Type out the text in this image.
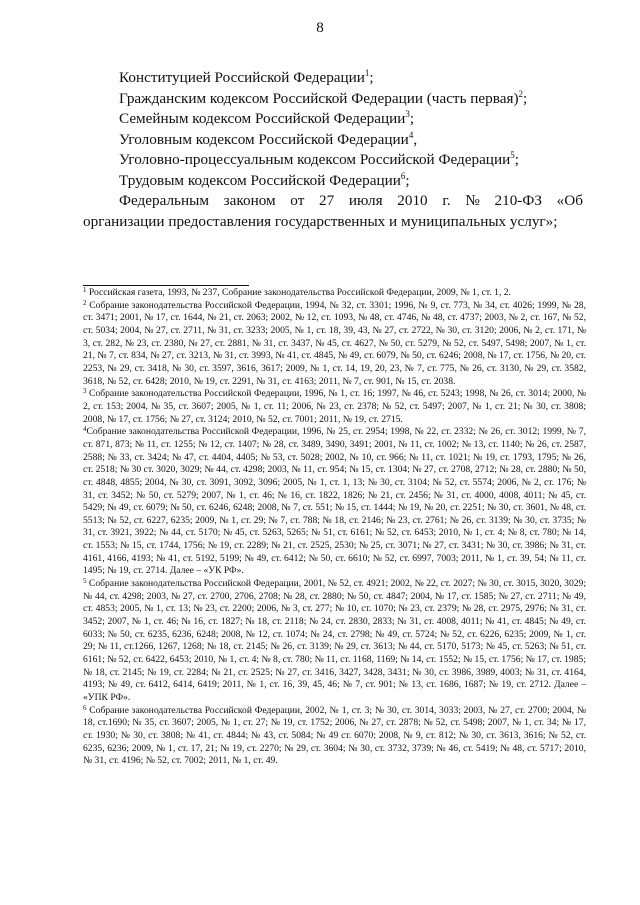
8
Конституцией Российской Федерации$^1$;
Гражданским кодексом Российской Федерации (часть первая)$^2$;
Семейным кодексом Российской Федерации$^3$;
Уголовным кодексом Российской Федерации$^4$,
Уголовно-процессуальным кодексом Российской Федерации$^5$;
Трудовым кодексом Российской Федерации$^6$;
Федеральным законом от 27 июля 2010 г. № 210-ФЗ «Об
организации предоставления государственных и муниципальных услуг»;

$^1$ Российская газета, 1993, № 237, Собрание законодательства Российской Федерации, 2009, № 1, ст. 1, 2.

$^2$ Собрание законодательства Российской Федерации, 1994, № 32, ст. 3301; 1996, № 9, ст. 773, № 34, ст. 4026; 1999, № 28, ст. 3471; 2001, № 17, ст. 1644, № 21, ст. 2063; 2002, № 12, ст. 1093, № 48, ст. 4746, № 48, ст. 4737; 2003, № 2, ст. 167, № 52, ст. 5034; 2004, № 27, ст. 2711, № 31, ст. 3233; 2005, № 1, ст. 18, 39, 43, № 27, ст. 2722, № 30, ст. 3120; 2006, № 2, ст. 171, № 3, ст. 282, № 23, ст. 2380, № 27, ст. 2881, № 31, ст. 3437, № 45, ст. 4627, № 50, ст. 5279, № 52, ст. 5497, 5498; 2007, № 1, ст. 21, № 7, ст. 834, № 27, ст. 3213, № 31, ст. 3993, № 41, ст. 4845, № 49, ст. 6079, № 50, ст. 6246; 2008, № 17, ст. 1756, № 20, ст. 2253, № 29, ст. 3418, № 30, ст. 3597, 3616, 3617; 2009, № 1, ст. 14, 19, 20, 23, № 7, ст. 775, № 26, ст. 3130, № 29, ст. 3582, 3618, № 52, ст. 6428; 2010, № 19, ст. 2291, № 31, ст. 4163; 2011, № 7, ст. 901, № 15, ст. 2038.

$^3$ Собрание законодательства Российской Федерации, 1996, № 1, ст. 16; 1997, № 46, ст. 5243; 1998, № 26, ст. 3014; 2000, № 2, ст. 153; 2004, № 35, ст. 3607; 2005, № 1, ст. 11; 2006, № 23, ст. 2378; № 52, ст. 5497; 2007, № 1, ст. 21; № 30, ст. 3808; 2008, № 17, ст. 1756; № 27, ст. 3124; 2010, № 52, ст. 7001; 2011, № 19, ст. 2715.

$^4$Собрание законодательства Российской Федерации, 1996, № 25, ст. 2954; 1998, № 22, ст. 2332; № 26, ст. 3012; 1999, № 7, ст. 871, 873; № 11, ст. 1255; № 12, ст. 1407; № 28, ст. 3489, 3490, 3491; 2001, № 11, ст. 1002; № 13, ст. 1140; № 26, ст. 2587, 2588; № 33, ст. 3424; № 47, ст. 4404, 4405; № 53, ст. 5028; 2002, № 10, ст. 966; № 11, ст. 1021; № 19, ст. 1793, 1795; № 26, ст. 2518; № 30 ст. 3020, 3029; № 44, ст. 4298; 2003, № 11, ст. 954; № 15, ст. 1304; № 27, ст. 2708, 2712; № 28, ст. 2880; № 50, ст. 4848, 4855; 2004, № 30, ст. 3091, 3092, 3096; 2005, № 1, ст. 1, 13; № 30, ст. 3104; № 52, ст. 5574; 2006, № 2, ст. 176; № 31, ст. 3452; № 50, ст. 5279; 2007, № 1, ст. 46; № 16, ст. 1822, 1826; № 21, ст. 2456; № 31, ст. 4000, 4008, 4011; № 45, ст. 5429; № 49, ст. 6079; № 50, ст. 6246, 6248; 2008, № 7, ст. 551; № 15, ст. 1444; № 19, № 20, ст. 2251; № 30, ст. 3601, № 48, ст. 5513; № 52, ст. 6227, 6235; 2009, № 1, ст. 29; № 7, ст. 788; № 18, ст. 2146; № 23, ст. 2761; № 26, ст. 3139; № 30, ст. 3735; № 31, ст. 3921, 3922; № 44, ст. 5170; № 45, ст. 5263, 5265; № 51, ст. 6161; № 52, ст. 6453; 2010, № 1, ст. 4; № 8, ст. 780; № 14, ст. 1553; № 15, ст. 1744, 1756; № 19, ст. 2289; № 21, ст. 2525, 2530; № 25, ст. 3071; № 27, ст. 3431; № 30, ст. 3986; № 31, ст. 4161, 4166, 4193; № 41, ст. 5192, 5199; № 49, ст. 6412; № 50, ст. 6610; № 52, ст. 6997, 7003; 2011, № 1, ст. 39, 54; № 11, ст. 1495; № 19, ст. 2714. Далее – «УК РФ».

$^5$ Собрание законодательства Российской Федерации, 2001, № 52, ст. 4921; 2002, № 22, ст. 2027; № 30, ст. 3015, 3020, 3029; № 44, ст. 4298; 2003, № 27, ст. 2700, 2706, 2708; № 28, ст. 2880; № 50, ст. 4847; 2004, № 17, ст. 1585; № 27, ст. 2711; № 49, ст. 4853; 2005, № 1, ст. 13; № 23, ст. 2200; 2006, № 3, ст. 277; № 10, ст. 1070; № 23, ст. 2379; № 28, ст. 2975, 2976; № 31, ст. 3452; 2007, № 1, ст. 46; № 16, ст. 1827; № 18, ст. 2118; № 24, ст. 2830, 2833; № 31, ст. 4008, 4011; № 41, ст. 4845; № 49, ст. 6033; № 50, ст. 6235, 6236, 6248; 2008, № 12, ст. 1074; № 24, ст. 2798; № 49, ст. 5724; № 52, ст. 6226, 6235; 2009, № 1, ст. 29; № 11, ст.1266, 1267, 1268; № 18, ст. 2145; № 26, ст. 3139; № 29, ст. 3613; № 44, ст. 5170, 5173; № 45, ст. 5263; № 51, ст. 6161; № 52, ст. 6422, 6453; 2010, № 1, ст. 4; № 8, ст. 780; № 11, ст. 1168, 1169; № 14, ст. 1552; № 15, ст. 1756; № 17, ст. 1985; № 18, ст. 2145; № 19, ст. 2284; № 21, ст. 2525; № 27, ст. 3416, 3427, 3428, 3431; № 30, ст. 3986, 3989, 4003; № 31, ст. 4164, 4193; № 49, ст. 6412, 6414, 6419; 2011, № 1, ст. 16, 39, 45, 46; № 7, ст. 901; № 13, ст. 1686, 1687; № 19, ст. 2712. Далее – «УПК РФ».

$^6$ Собрание законодательства Российской Федерации, 2002, № 1, ст. 3; № 30, ст. 3014, 3033; 2003, № 27, ст. 2700; 2004, № 18, ст.1690; № 35, ст. 3607; 2005, № 1, ст. 27; № 19, ст. 1752; 2006, № 27, ст. 2878; № 52, ст. 5498; 2007, № 1, ст. 34; № 17, ст. 1930; № 30, ст. 3808; № 41, ст. 4844; № 43, ст. 5084; № 49 ст. 6070; 2008, № 9, ст. 812; № 30, ст. 3613, 3616; № 52, ст. 6235, 6236; 2009, № 1, ст. 17, 21; № 19, ст. 2270; № 29, ст. 3604; № 30, ст. 3732, 3739; № 46, ст. 5419; № 48, ст. 5717; 2010, № 31, ст. 4196; № 52, ст. 7002; 2011, № 1, ст. 49.
